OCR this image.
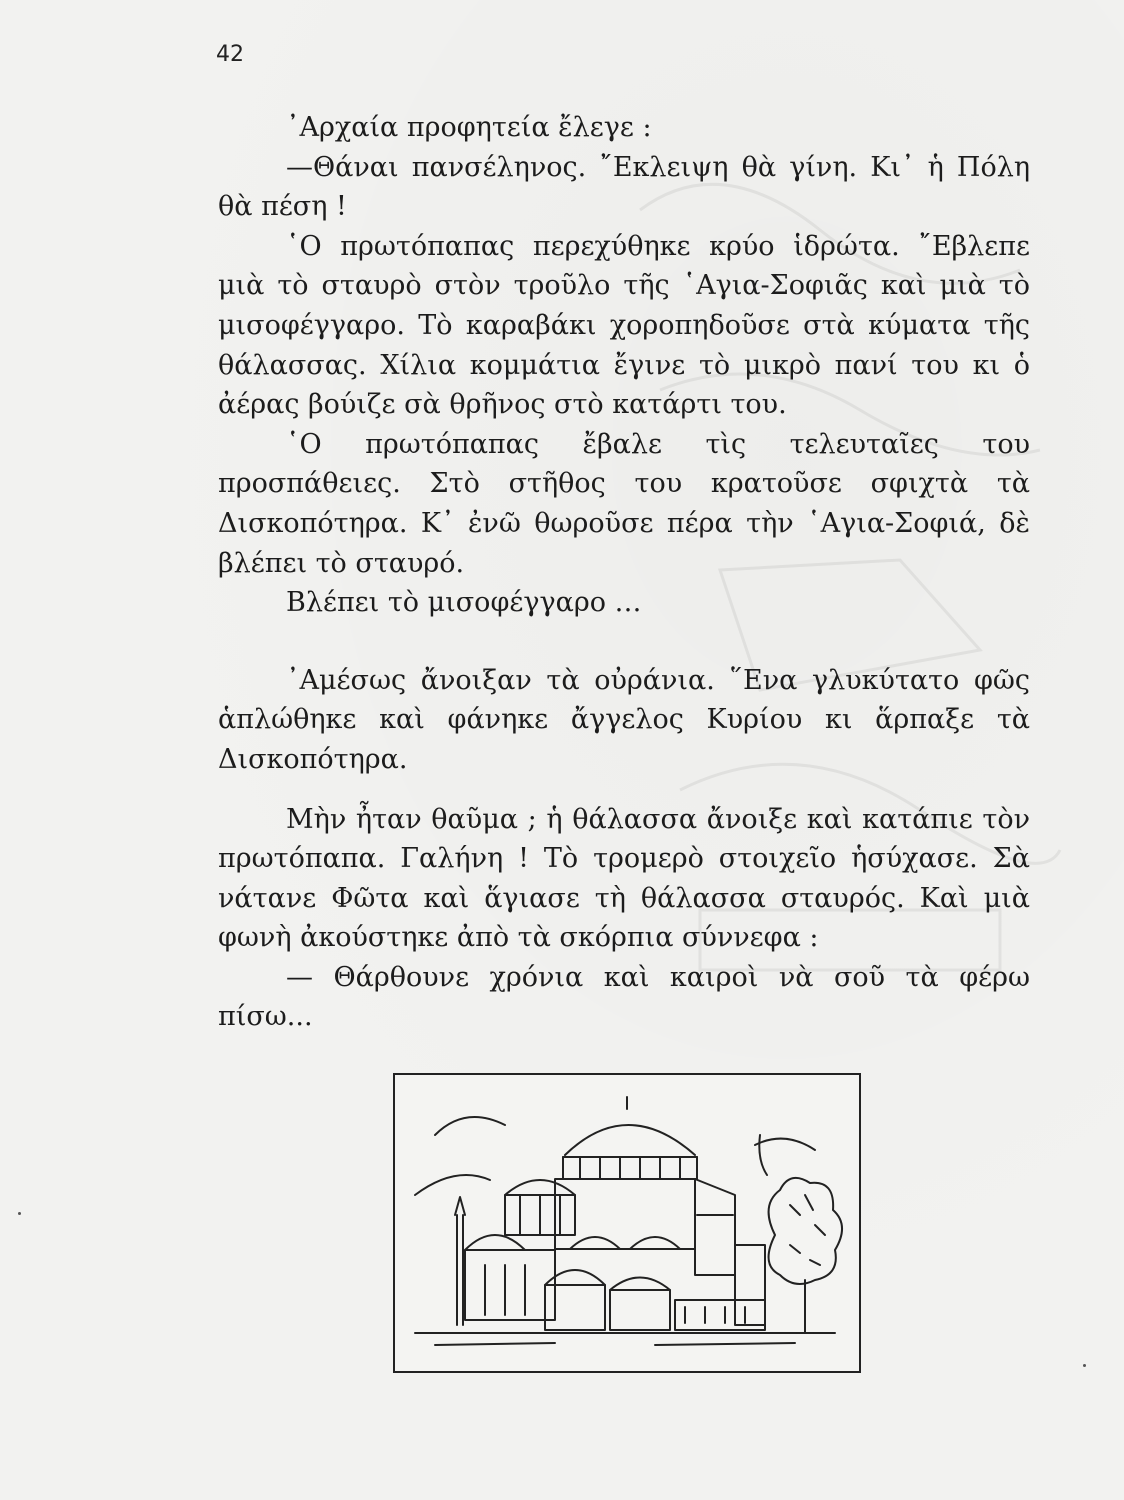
42

᾿Αρχαία προφητεία ἔλεγε :

—Θάναι πανσέληνος. ῎Εκλειψη θὰ γίνη. Κι᾿ ἡ Πόλη θὰ πέση !

῾Ο πρωτόπαπας περεχύθηκε κρύο ἱδρώτα. ῎Εβλεπε μιὰ τὸ σταυρὸ στὸν τροῦλο τῆς ῾Αγια-Σοφιᾶς καὶ μιὰ τὸ μισοφέγγαρο. Τὸ καραβάκι χοροπηδοῦσε στὰ κύματα τῆς θάλασσας. Χίλια κομμάτια ἔγινε τὸ μικρὸ πανί του κι ὁ ἀέρας βούιζε σὰ θρῆνος στὸ κατάρτι του.

῾Ο πρωτόπαπας ἔβαλε τὶς τελευταῖες του προσπάθειες. Στὸ στῆθος του κρατοῦσε σφιχτὰ τὰ Δισκοπότηρα. Κ᾿ ἐνῶ θωροῦσε πέρα τὴν ῾Αγια-Σοφιά, δὲ βλέπει τὸ σταυρό.

Βλέπει τὸ μισοφέγγαρο …

᾿Αμέσως ἄνοιξαν τὰ οὐράνια. ῞Ενα γλυκύτατο φῶς ἁπλώθηκε καὶ φάνηκε ἄγγελος Κυρίου κι ἅρπαξε τὰ Δισκοπότηρα.

Μὴν ἦταν θαῦμα ; ἡ θάλασσα ἄνοιξε καὶ κατάπιε τὸν πρωτόπαπα. Γαλήνη ! Τὸ τρομερὸ στοιχεῖο ἡσύχασε. Σὰ νάτανε Φῶτα καὶ ἅγιασε τὴ θάλασσα σταυρός. Καὶ μιὰ φωνὴ ἀκούστηκε ἀπὸ τὰ σκόρπια σύννεφα :

— Θάρθουνε χρόνια καὶ καιροὶ νὰ σοῦ τὰ φέρω πίσω...
